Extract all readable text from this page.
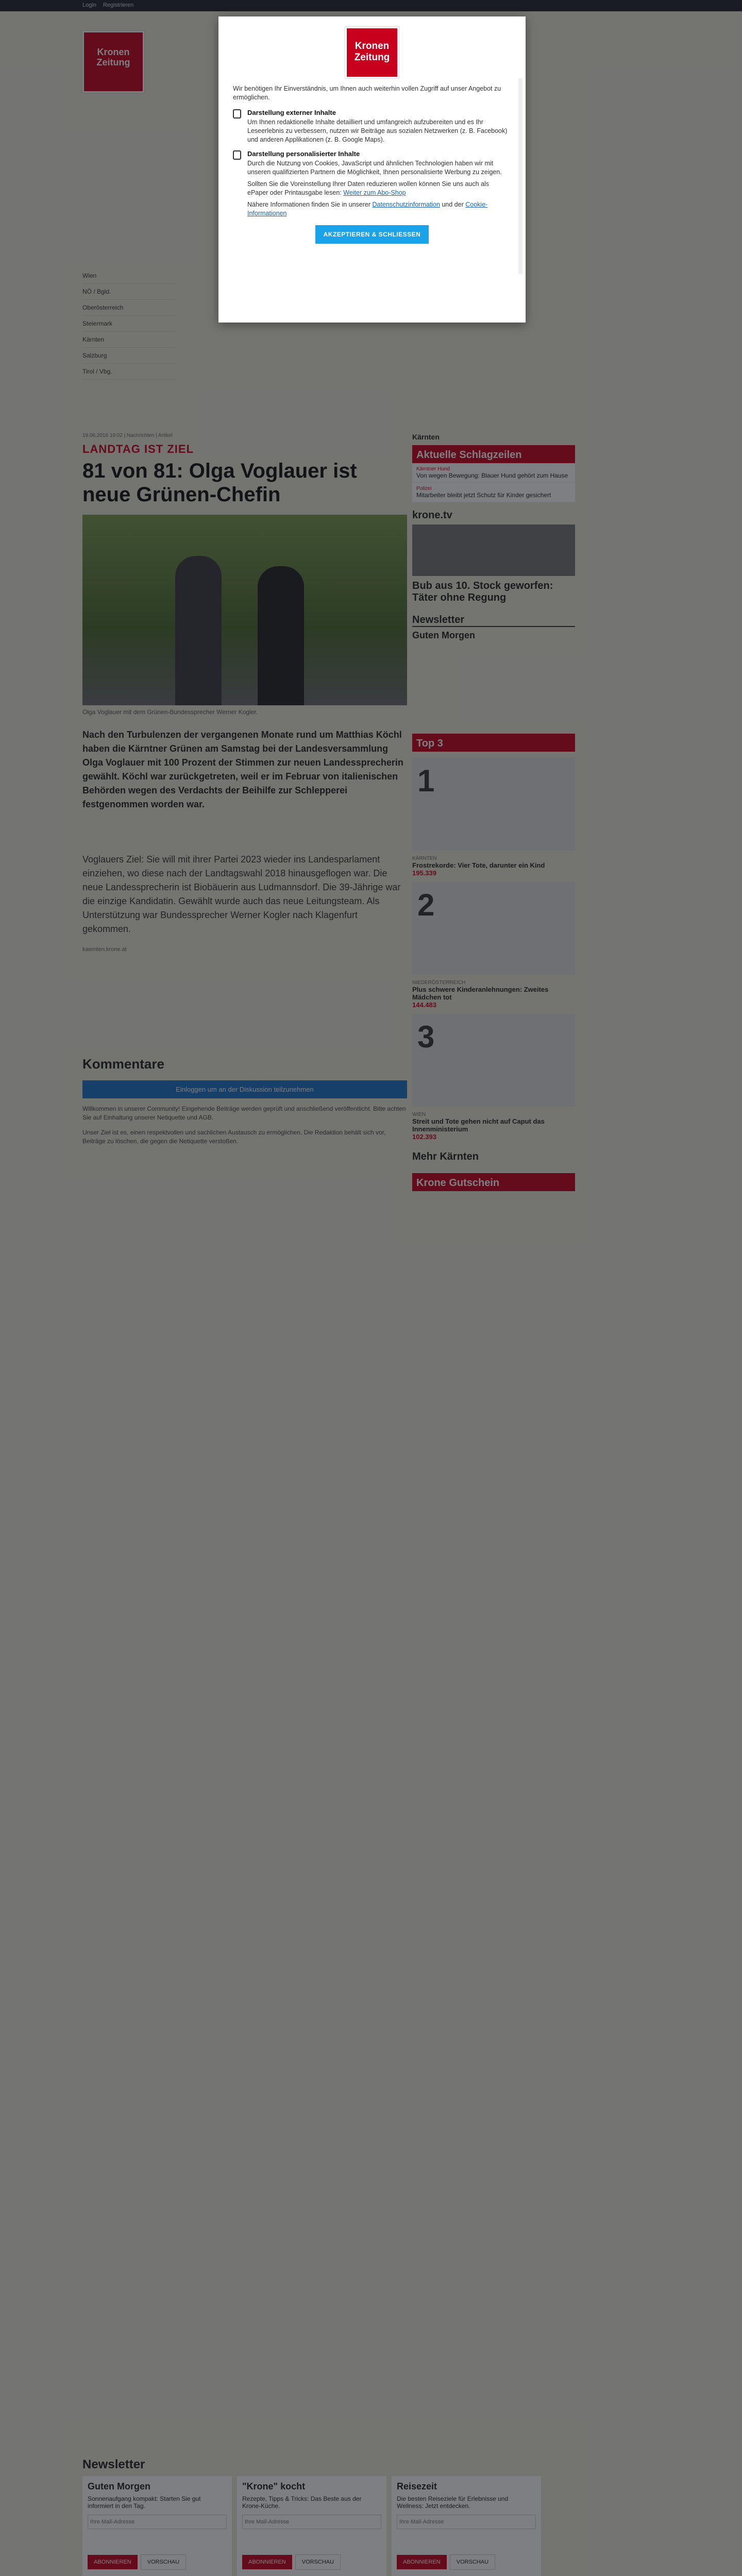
Ihre Mail-Adresse
Ihre Mail-Adresse
Ihre Mail-Adresse
Kronen
Zeitung

Wir benötigen Ihr Einverständnis, um Ihnen auch weiterhin vollen Zugriff auf unser Angebot zu ermöglichen.

Darstellung externer Inhalte

Um Ihnen redaktionelle Inhalte detailliert und umfangreich aufzubereiten und es Ihr Leseerlebnis zu verbessern, nutzen wir Beiträge aus sozialen Netzwerken (z. B. Facebook) und anderen Applikationen (z. B. Google Maps).

Darstellung personalisierter Inhalte

Durch die Nutzung von Cookies, JavaScript und ähnlichen Technologien haben wir mit unseren qualifizierten Partnern die Möglichkeit, Ihnen personalisierte Werbung zu zeigen.

Sollten Sie die Voreinstellung Ihrer Daten reduzieren wollen können Sie uns auch als ePaper oder Printausgabe lesen: Weiter zum Abo-Shop

Nähere Informationen finden Sie in unserer Datenschutzinformation und der Cookie-Informationen

AKZEPTIEREN & SCHLIESSEN
